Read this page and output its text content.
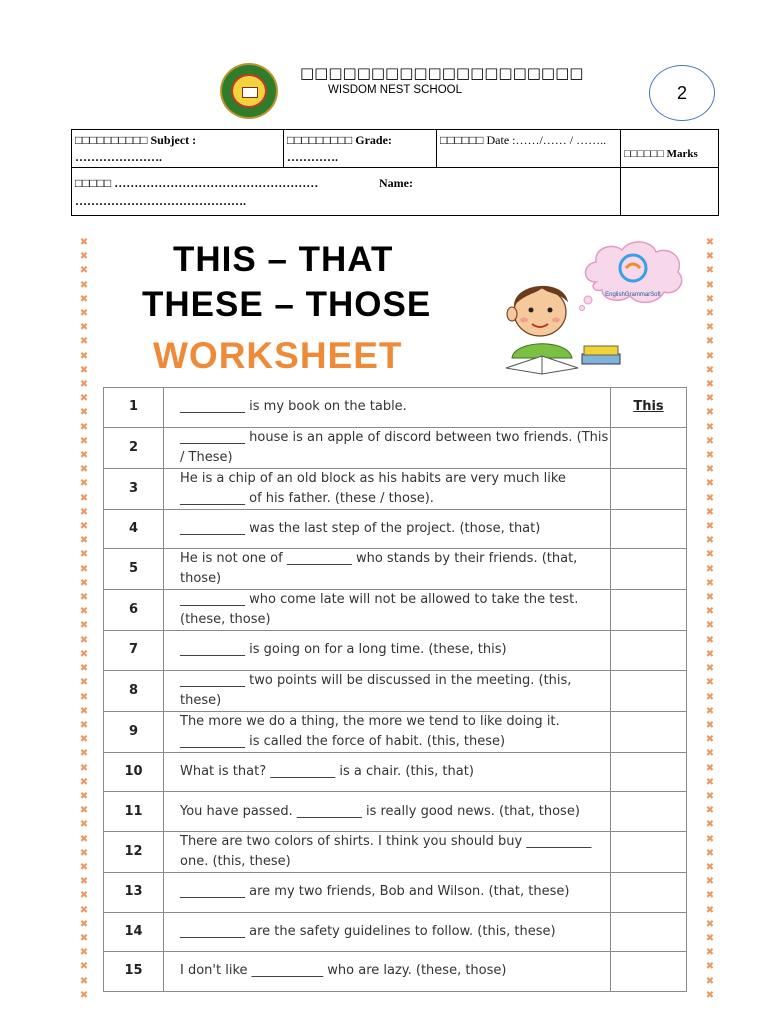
□□□□□□□□□□□□□□□□□□□□
WISDOM NEST SCHOOL	2
□□□□□□□□□□ Subject : ………………….
□□□□□□□□□ Grade: ………….
□□□□□□ Date :……/…… / ……..
□□□□□□ Marks
□□□□□ ……………………………………………	Name:
…………………………………….
✖
✖
✖
✖
✖
✖
✖
✖
✖
✖
✖
✖
✖
✖
✖
✖
✖
✖
✖
✖
✖
✖
✖
✖
✖
✖
✖
✖
✖
✖
✖
✖
✖
✖
✖
✖
✖
✖
✖
✖
✖
✖
✖
✖
✖
✖
✖
✖
✖
✖
✖
✖
✖
✖
✖
✖
✖
✖
✖
✖
✖
✖
✖
✖
✖
✖
✖
✖
✖
✖
✖
✖
✖
✖
✖
✖
✖
✖
✖
✖
✖
✖
✖
✖
✖
✖
✖
✖
✖
✖
✖
✖
✖
✖
✖
✖
✖
✖
✖
✖
✖
✖
✖
✖
✖
✖
✖
✖
THIS – THAT
THESE – THOSE
WORKSHEET
EnglishGrammarSoft
1	__________ is my book on the table.	This
2	__________ house is an apple of discord between two friends. (This / These)	
3	He is a chip of an old block as his habits are very much like __________ of his father. (these / those).	
4	__________ was the last step of the project. (those, that)	
5	He is not one of __________ who stands by their friends. (that, those)	
6	__________ who come late will not be allowed to take the test. (these, those)	
7	__________ is going on for a long time. (these, this)	
8	__________ two points will be discussed in the meeting. (this, these)	
9	The more we do a thing, the more we tend to like doing it. __________ is called the force of habit. (this, these)	
10	What is that? __________ is a chair. (this, that)	
11	You have passed. __________ is really good news. (that, those)	
12	There are two colors of shirts. I think you should buy __________ one. (this, these)	
13	__________ are my two friends, Bob and Wilson. (that, these)	
14	__________ are the safety guidelines to follow. (this, these)	
15	I don't like ___________ who are lazy. (these, those)	
